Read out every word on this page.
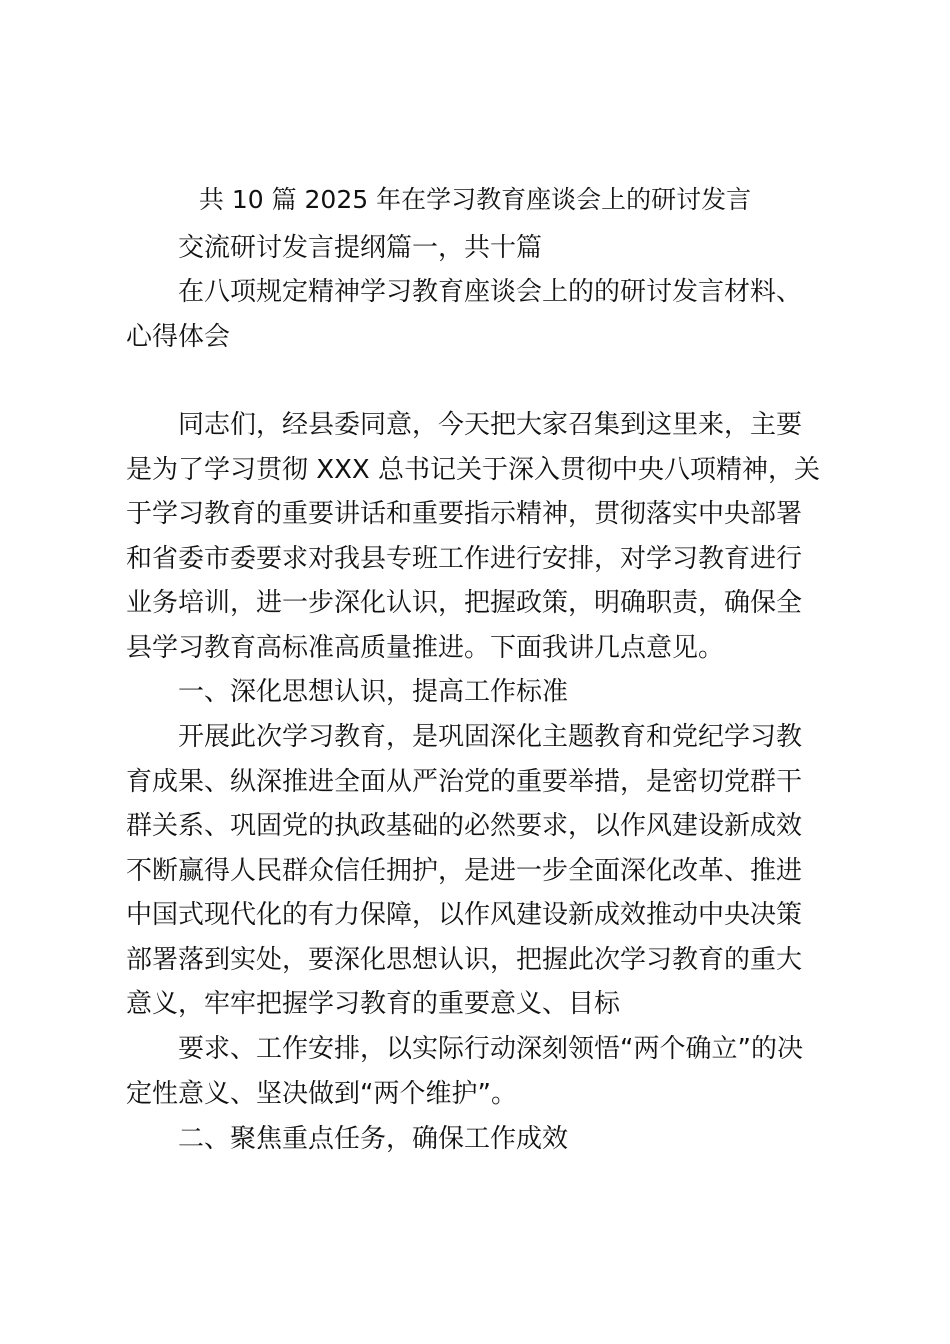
共 10 篇 2025 年在学习教育座谈会上的研讨发言

交流研讨发言提纲篇一，共十篇

在八项规定精神学习教育座谈会上的的研讨发言材料、心得体会

同志们，经县委同意，今天把大家召集到这里来，主要是为了学习贯彻 XXX 总书记关于深入贯彻中央八项精神，关于学习教育的重要讲话和重要指示精神，贯彻落实中央部署和省委市委要求对我县专班工作进行安排，对学习教育进行业务培训，进一步深化认识，把握政策，明确职责，确保全县学习教育高标准高质量推进。下面我讲几点意见。

一、深化思想认识，提高工作标准

开展此次学习教育，是巩固深化主题教育和党纪学习教育成果、纵深推进全面从严治党的重要举措，是密切党群干群关系、巩固党的执政基础的必然要求，以作风建设新成效不断赢得人民群众信任拥护，是进一步全面深化改革、推进中国式现代化的有力保障，以作风建设新成效推动中央决策部署落到实处，要深化思想认识，把握此次学习教育的重大意义，牢牢把握学习教育的重要意义、目标

要求、工作安排，以实际行动深刻领悟“两个确立”的决定性意义、坚决做到“两个维护”。

二、聚焦重点任务，确保工作成效
